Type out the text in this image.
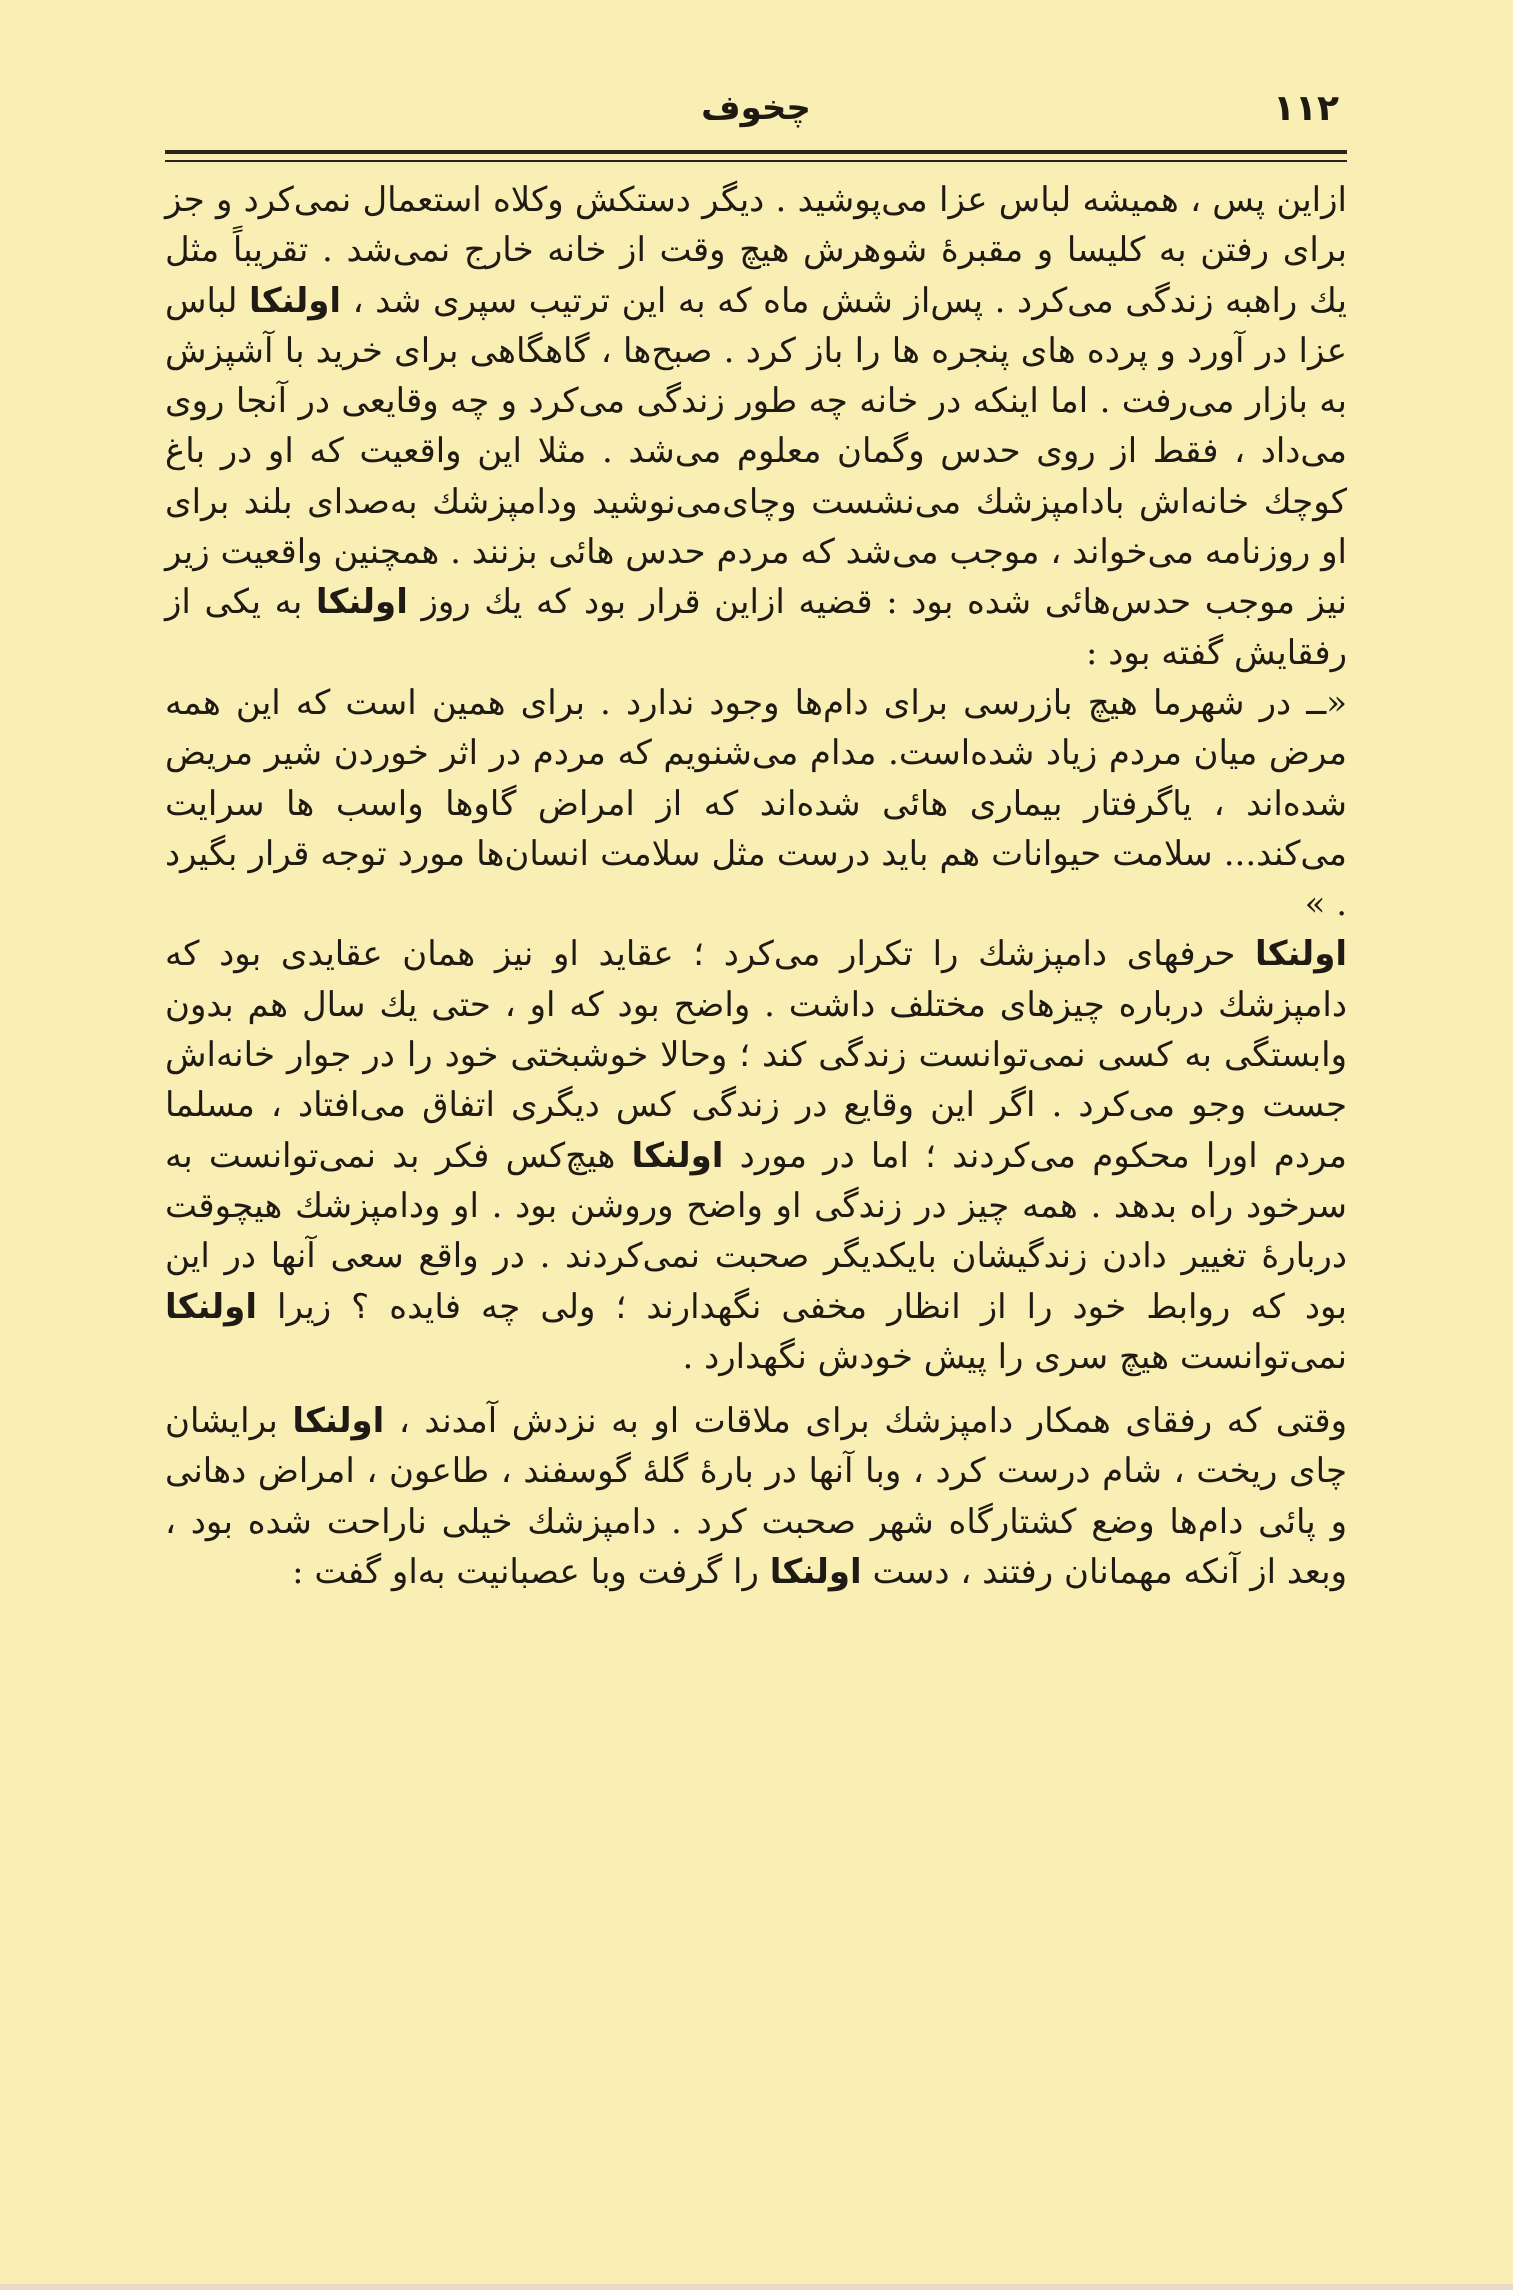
۱۱۲
چخوف

ازاین پس ، همیشه لباس عزا می‌پوشید . دیگر دستکش وکلاه استعمال نمی‌کرد و جز برای رفتن به کلیسا و مقبرهٔ شوهرش هیچ وقت از خانه خارج نمی‌شد . تقریباً مثل یك راهبه زندگی می‌کرد . پس‌از شش ماه که به این ترتیب سپری شد ، اولنکا لباس عزا در آورد و پرده های پنجره ها را باز کرد . صبح‌ها ، گاهگاهی برای خرید با آشپزش به بازار می‌رفت . اما اینکه در خانه چه طور زندگی می‌کرد و چه وقایعی در آنجا روی می‌داد ، فقط از روی حدس وگمان معلوم می‌شد . مثلا این واقعیت که او در باغ کوچك خانه‌اش بادامپزشك می‌نشست وچای‌می‌نوشید ودامپزشك به‌صدای بلند برای او روزنامه می‌خواند ، موجب می‌شد که مردم حدس هائی بزنند . همچنین واقعیت زیر نیز موجب حدس‌هائی شده بود : قضیه ازاین قرار بود که یك روز اولنکا به یکی از رفقایش گفته بود :

«ــ در شهرما هیچ بازرسی برای دام‌ها وجود ندارد . برای همین است که این همه مرض میان مردم زیاد شده‌است. مدام می‌شنویم که مردم در اثر خوردن شیر مریض شده‌اند ، یاگرفتار بیماری هائی شده‌اند که از امراض گاوها واسب ها سرایت می‌کند... سلامت حیوانات هم باید درست مثل سلامت انسان‌ها مورد توجه قرار بگیرد . »

اولنکا حرفهای دامپزشك را تکرار می‌کرد ؛ عقاید او نیز همان عقایدی بود که دامپزشك درباره چیزهای مختلف داشت . واضح بود که او ، حتی یك سال هم بدون وابستگی به کسی نمی‌توانست زندگی کند ؛ وحالا خوشبختی خود را در جوار خانه‌اش جست وجو می‌کرد . اگر این وقایع در زندگی کس دیگری اتفاق می‌افتاد ، مسلما مردم اورا محکوم می‌کردند ؛ اما در مورد اولنکا هیچ‌کس فکر بد نمی‌توانست به سرخود راه بدهد . همه چیز در زندگی او واضح وروشن بود . او ودامپزشك هیچوقت دربارهٔ تغییر دادن زندگیشان بایکدیگر صحبت نمی‌کردند . در واقع سعی آنها در این بود که روابط خود را از انظار مخفی نگهدارند ؛ ولی چه فایده ؟ زیرا اولنکا نمی‌توانست هیچ سری را پیش خودش نگهدارد .

وقتی که رفقای همکار دامپزشك برای ملاقات او به نزدش آمدند ، اولنکا برایشان چای ریخت ، شام درست کرد ، وبا آنها در بارهٔ گلهٔ گوسفند ، طاعون ، امراض دهانی و پائی دام‌ها وضع کشتارگاه شهر صحبت کرد . دامپزشك خیلی ناراحت شده بود ، وبعد از آنکه مهمانان رفتند ، دست اولنکا را گرفت وبا عصبانیت به‌او گفت :
